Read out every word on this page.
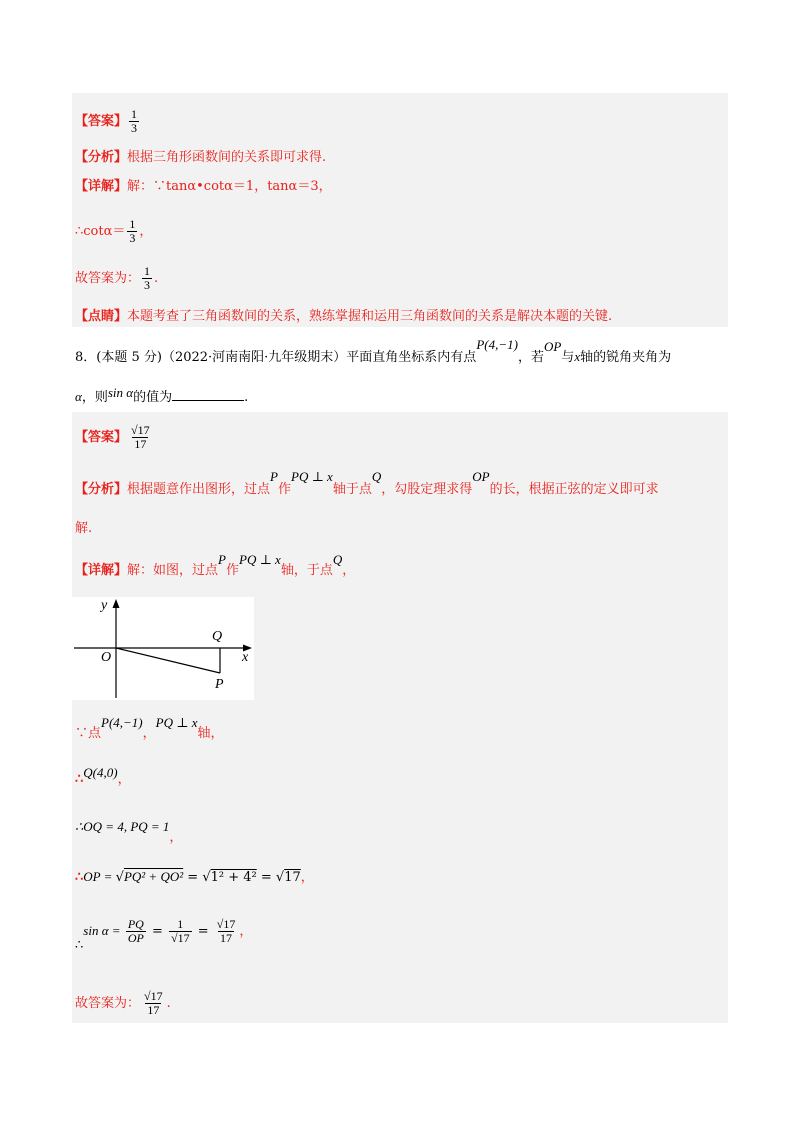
【答案】 $\frac{1}{3}$
【分析】根据三角形函数间的关系即可求得.
【详解】解：∵tanα•cotα＝1，tanα＝3，
∴cotα＝ $\frac{1}{3}$ ，
故答案为： $\frac{1}{3}$ .
【点睛】本题考查了三角函数间的关系，熟练掌握和运用三角函数间的关系是解决本题的关键.
8．(本题 5 分)（2022·河南南阳·九年级期末）平面直角坐标系内有点P(4,−1)，若OP与x轴的锐角夹角为
α，则sin α的值为	.
【答案】 $\frac{√17}{17}$
【分析】根据题意作出图形，过点P作PQ ⊥ x轴于点Q，勾股定理求得OP的长，根据正弦的定义即可求
解.
【详解】解：如图，过点P作PQ ⊥ x轴，于点Q，
y
x
O
Q
P
∵点P(4,−1)，PQ ⊥ x轴，
∴Q(4,0)，
∴OQ = 4, PQ = 1，
∴OP = √PQ² + QO² = √1² + 4² = √17，
∴sin $\alpha = \frac{PQ}{OP} = \frac{1}{√17} = \frac{√17}{17}$ ，
故答案为： $\frac{√17}{17}$ .
